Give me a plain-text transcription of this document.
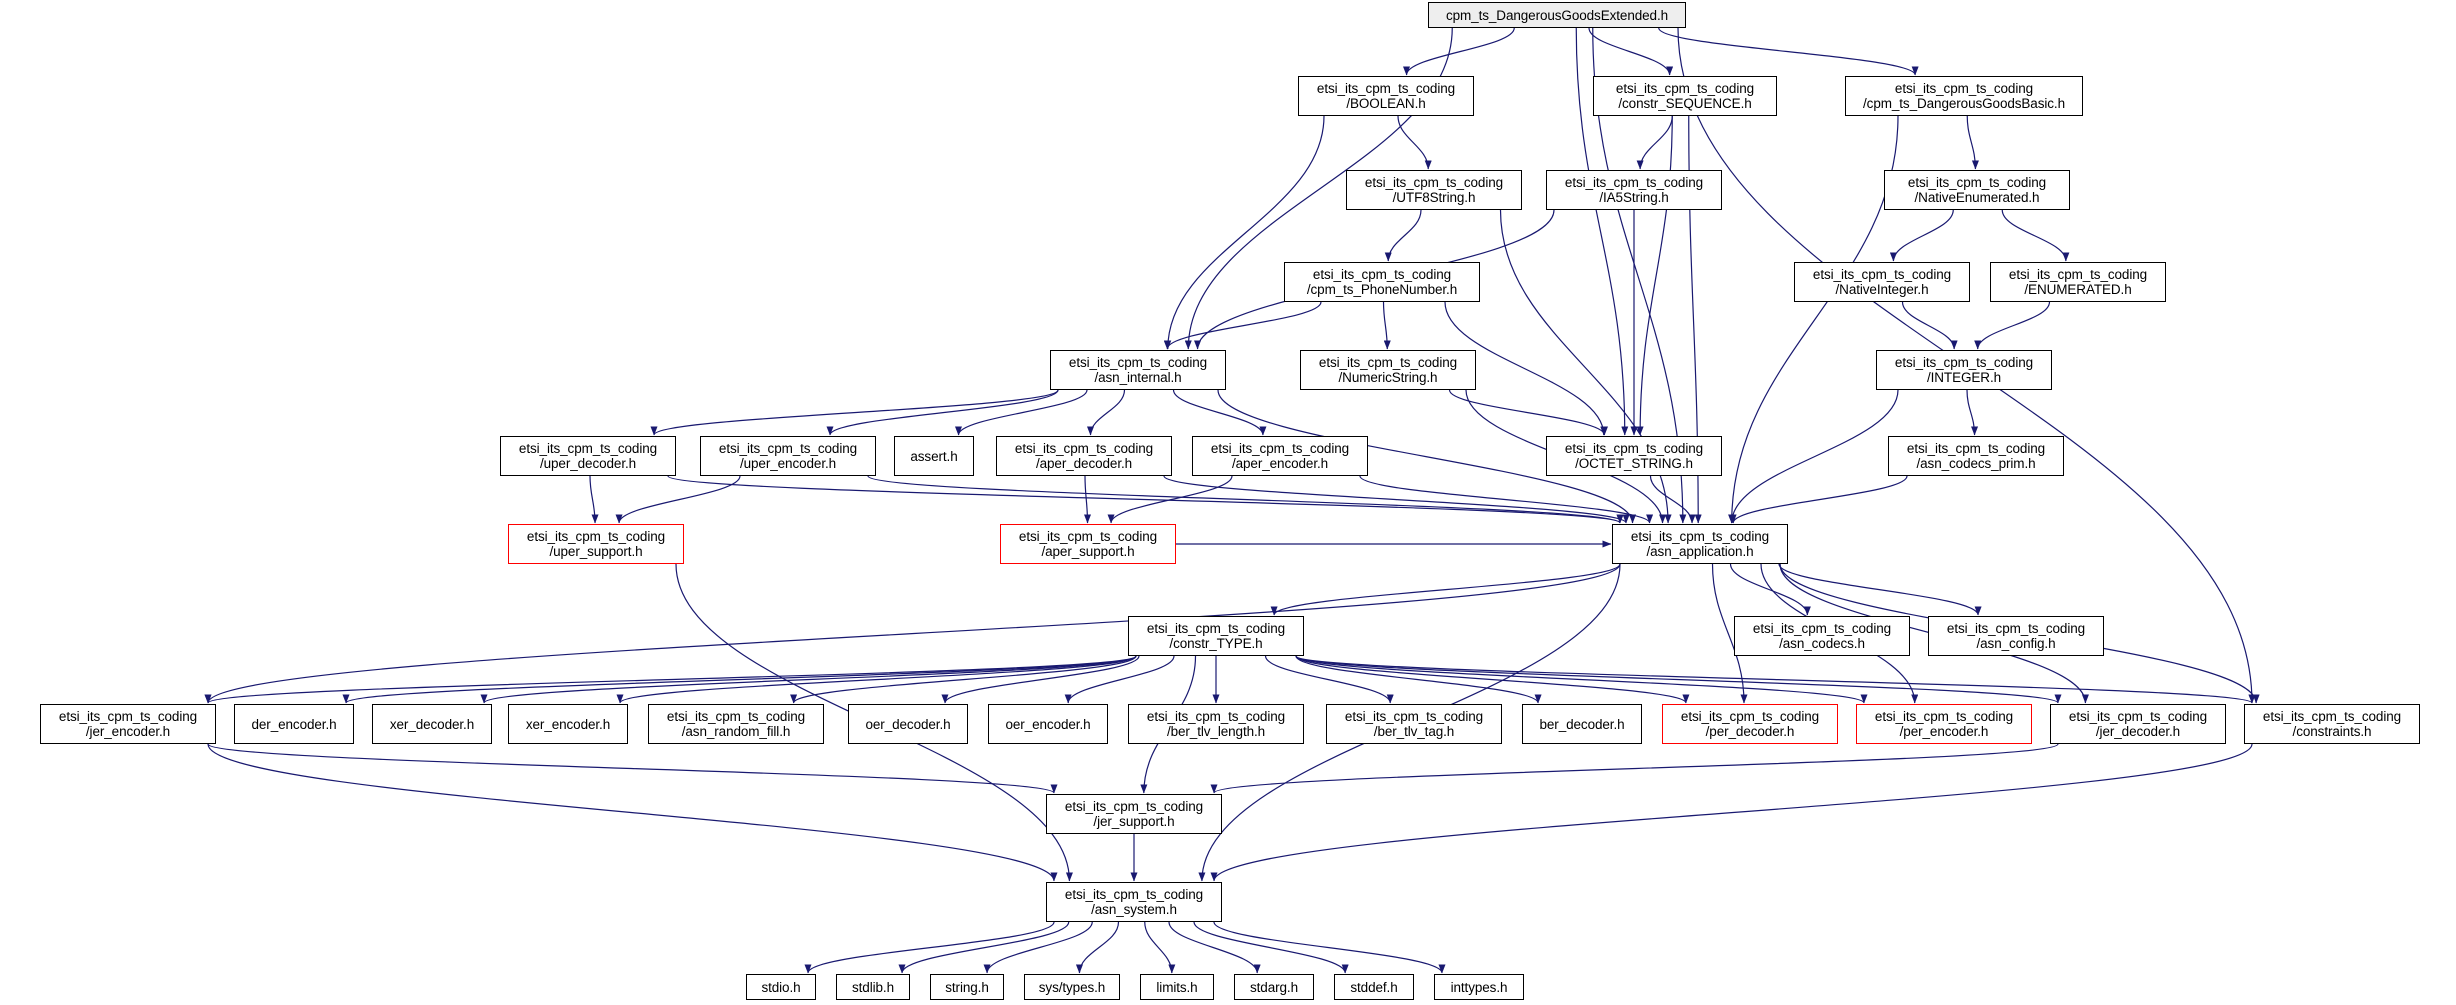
cpm_ts_DangerousGoodsExtended.h
etsi_its_cpm_ts_coding
/BOOLEAN.h
etsi_its_cpm_ts_coding
/constr_SEQUENCE.h
etsi_its_cpm_ts_coding
/cpm_ts_DangerousGoodsBasic.h
etsi_its_cpm_ts_coding
/UTF8String.h
etsi_its_cpm_ts_coding
/IA5String.h
etsi_its_cpm_ts_coding
/NativeEnumerated.h
etsi_its_cpm_ts_coding
/NativeInteger.h
etsi_its_cpm_ts_coding
/ENUMERATED.h
etsi_its_cpm_ts_coding
/cpm_ts_PhoneNumber.h
etsi_its_cpm_ts_coding
/INTEGER.h
etsi_its_cpm_ts_coding
/NumericString.h
etsi_its_cpm_ts_coding
/asn_internal.h
etsi_its_cpm_ts_coding
/uper_decoder.h
etsi_its_cpm_ts_coding
/uper_encoder.h	assert.h	etsi_its_cpm_ts_coding
/aper_decoder.h
etsi_its_cpm_ts_coding
/aper_encoder.h
etsi_its_cpm_ts_coding
/OCTET_STRING.h
etsi_its_cpm_ts_coding
/asn_codecs_prim.h
etsi_its_cpm_ts_coding
/uper_support.h
etsi_its_cpm_ts_coding
/aper_support.h
etsi_its_cpm_ts_coding
/asn_application.h
etsi_its_cpm_ts_coding
/constr_TYPE.h
etsi_its_cpm_ts_coding
/asn_codecs.h
etsi_its_cpm_ts_coding
/asn_config.h
etsi_its_cpm_ts_coding
/jer_encoder.h	der_encoder.h	xer_decoder.h	xer_encoder.h	etsi_its_cpm_ts_coding
/asn_random_fill.h	oer_decoder.h	oer_encoder.h	etsi_its_cpm_ts_coding
/ber_tlv_length.h
etsi_its_cpm_ts_coding
/ber_tlv_tag.h	ber_decoder.h	etsi_its_cpm_ts_coding
/per_decoder.h
etsi_its_cpm_ts_coding
/per_encoder.h
etsi_its_cpm_ts_coding
/jer_decoder.h
etsi_its_cpm_ts_coding
/constraints.h
etsi_its_cpm_ts_coding
/jer_support.h
etsi_its_cpm_ts_coding
/asn_system.h
stdio.h	stdlib.h	string.h	sys/types.h	limits.h	stdarg.h	stddef.h	inttypes.h
